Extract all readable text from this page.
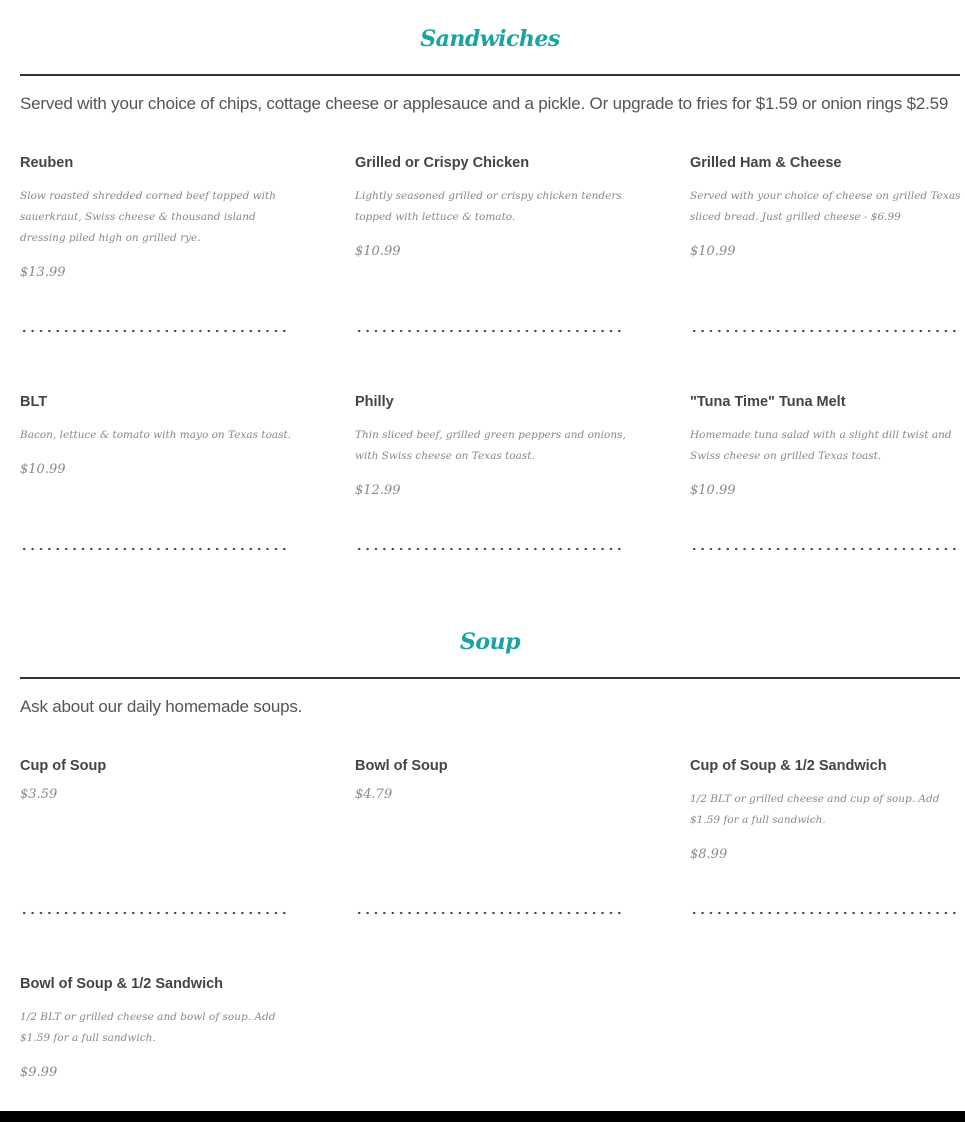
Sandwiches
Served with your choice of chips, cottage cheese or applesauce and a pickle. Or upgrade to fries for $1.59 or onion rings $2.59
Reuben

Slow roasted shredded corned beef topped with sauerkraut, Swiss cheese & thousand island dressing piled high on grilled rye.

$13.99

Grilled or Crispy Chicken

Lightly seasoned grilled or crispy chicken tenders topped with lettuce & tomato.

$10.99

Grilled Ham & Cheese

Served with your choice of cheese on grilled Texas sliced bread. Just grilled cheese - $6.99

$10.99

BLT

Bacon, lettuce & tomato with mayo on Texas toast.

$10.99

Philly

Thin sliced beef, grilled green peppers and onions, with Swiss cheese on Texas toast.

$12.99

"Tuna Time" Tuna Melt

Homemade tuna salad with a slight dill twist and Swiss cheese on grilled Texas toast.

$10.99

Soup
Ask about our daily homemade soups.
Cup of Soup

$3.59

Bowl of Soup

$4.79

Cup of Soup & 1/2 Sandwich

1/2 BLT or grilled cheese and cup of soup. Add $1.59 for a full sandwich.

$8.99

Bowl of Soup & 1/2 Sandwich

1/2 BLT or grilled cheese and bowl of soup. Add $1.59 for a full sandwich.

$9.99
